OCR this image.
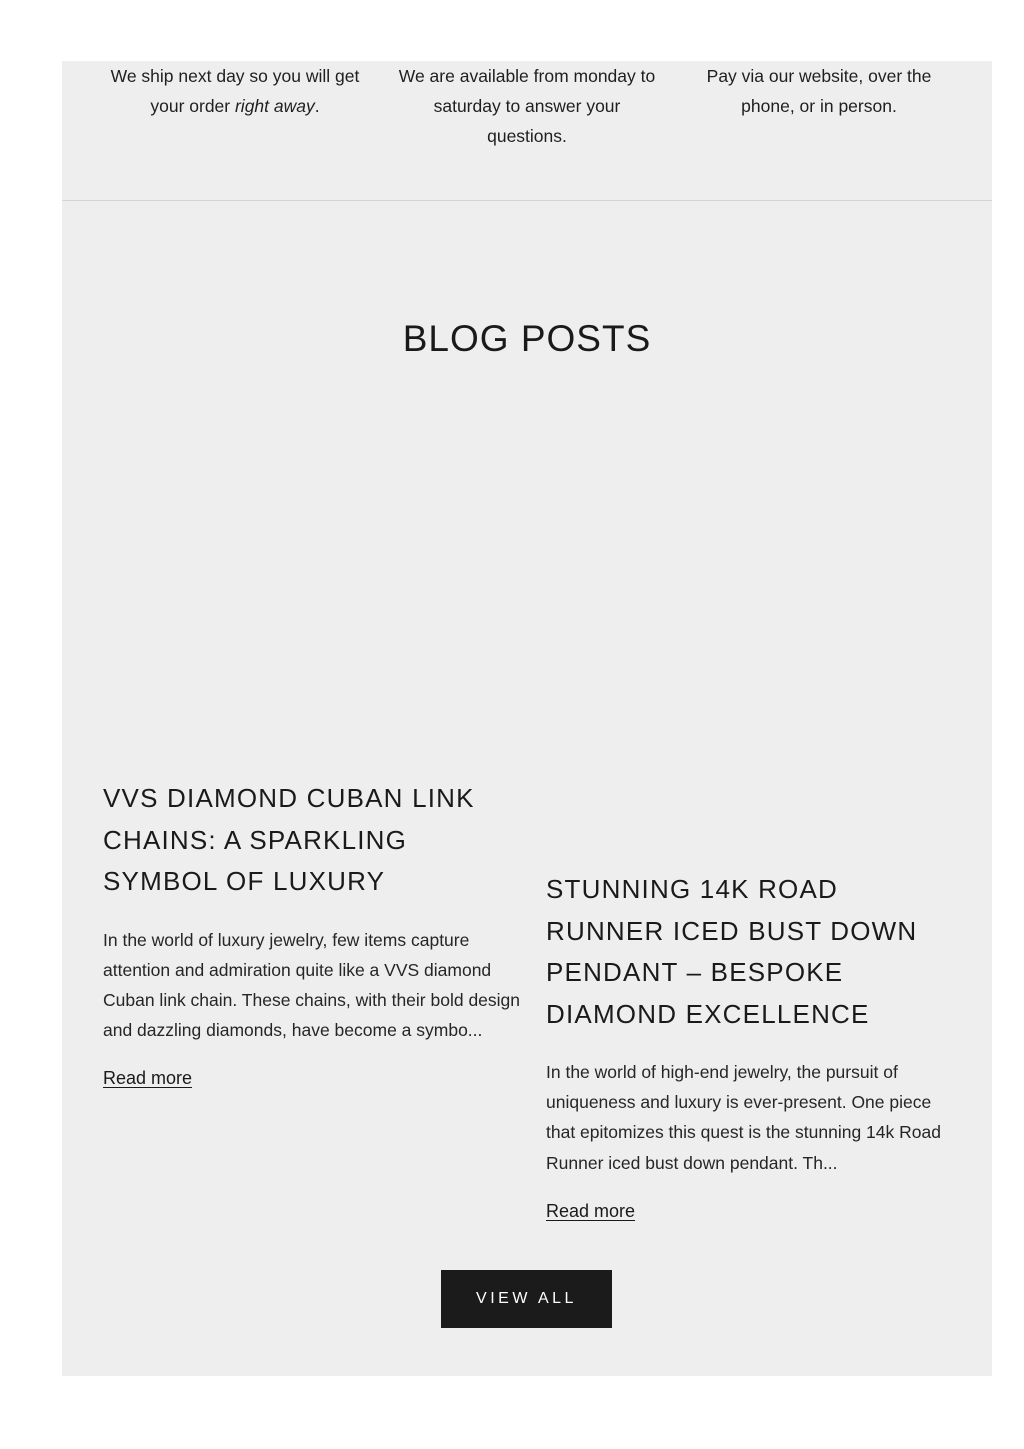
We ship next day so you will get your order right away.
We are available from monday to saturday to answer your questions.
Pay via our website, over the phone, or in person.
BLOG POSTS
VVS DIAMOND CUBAN LINK CHAINS: A SPARKLING SYMBOL OF LUXURY

In the world of luxury jewelry, few items capture attention and admiration quite like a VVS diamond Cuban link chain. These chains, with their bold design and dazzling diamonds, have become a symbo...

Read more
STUNNING 14K ROAD RUNNER ICED BUST DOWN PENDANT – BESPOKE DIAMOND EXCELLENCE

In the world of high-end jewelry, the pursuit of uniqueness and luxury is ever-present. One piece that epitomizes this quest is the stunning 14k Road Runner iced bust down pendant. Th...

Read more
VIEW ALL
